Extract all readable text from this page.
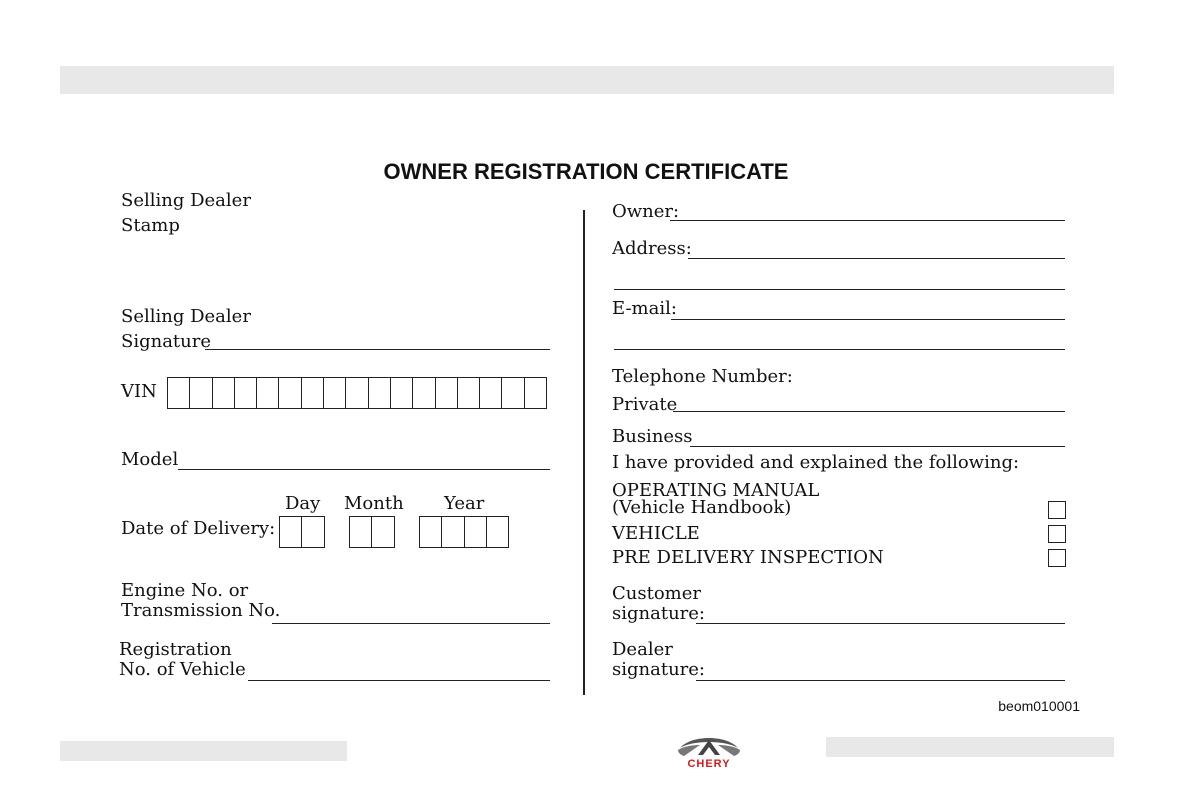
OWNER REGISTRATION CERTIFICATE
Selling Dealer
Stamp
Selling Dealer
Signature
VIN
Model
Day Month Year
Date of Delivery:
Engine No. or
Transmission No.
Registration
No. of Vehicle
Owner:
Address:
E-mail:
Telephone Number:
Private
Business
I have provided and explained the following:
OPERATING MANUAL
(Vehicle Handbook)
VEHICLE
PRE DELIVERY INSPECTION
Customer
signature:
Dealer
signature:
beom010001
CHERY
